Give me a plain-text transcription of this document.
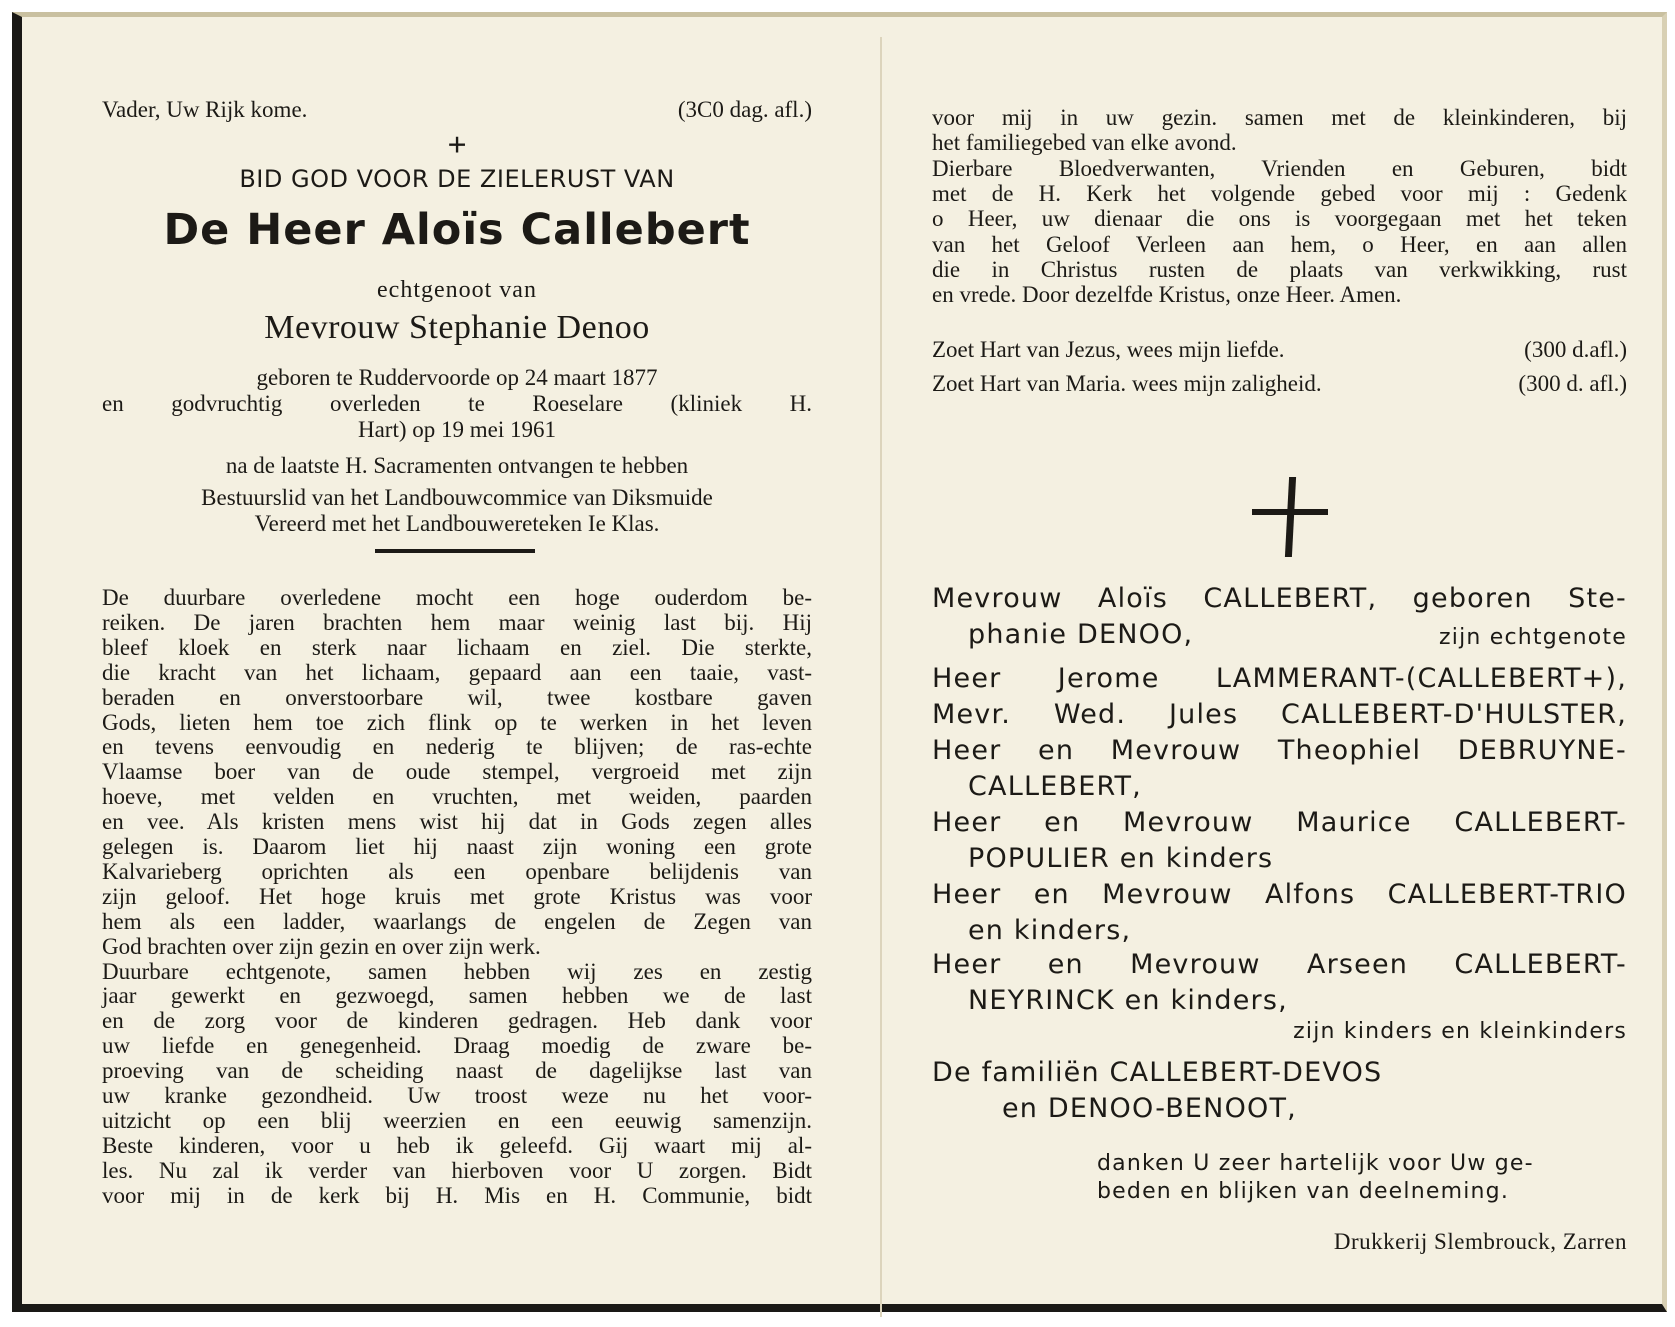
Vader, Uw Rijk kome.	(3C0 dag. afl.)
+
BID GOD VOOR DE ZIELERUST VAN
De Heer Aloïs Callebert
echtgenoot van
Mevrouw Stephanie Denoo
geboren te Ruddervoorde op 24 maart 1877
en godvruchtig overleden te Roeselare (kliniek H.
Hart) op 19 mei 1961
na de laatste H. Sacramenten ontvangen te hebben
Bestuurslid van het Landbouwcommice van Diksmuide
Vereerd met het Landbouwereteken Ie Klas.
De duurbare overledene mocht een hoge ouderdom be-
reiken. De jaren brachten hem maar weinig last bij. Hij
bleef kloek en sterk naar lichaam en ziel. Die sterkte,
die kracht van het lichaam, gepaard aan een taaie, vast-
beraden en onverstoorbare wil, twee kostbare gaven
Gods, lieten hem toe zich flink op te werken in het leven
en tevens eenvoudig en nederig te blijven; de ras-echte
Vlaamse boer van de oude stempel, vergroeid met zijn
hoeve, met velden en vruchten, met weiden, paarden
en vee. Als kristen mens wist hij dat in Gods zegen alles
gelegen is. Daarom liet hij naast zijn woning een grote
Kalvarieberg oprichten als een openbare belijdenis van
zijn geloof. Het hoge kruis met grote Kristus was voor
hem als een ladder, waarlangs de engelen de Zegen van
God brachten over zijn gezin en over zijn werk.
Duurbare echtgenote, samen hebben wij zes en zestig
jaar gewerkt en gezwoegd, samen hebben we de last
en de zorg voor de kinderen gedragen. Heb dank voor
uw liefde en genegenheid. Draag moedig de zware be-
proeving van de scheiding naast de dagelijkse last van
uw kranke gezondheid. Uw troost weze nu het voor-
uitzicht op een blij weerzien en een eeuwig samenzijn.
Beste kinderen, voor u heb ik geleefd. Gij waart mij al-
les. Nu zal ik verder van hierboven voor U zorgen. Bidt
voor mij in de kerk bij H. Mis en H. Communie, bidt
voor mij in uw gezin. samen met de kleinkinderen, bij
het familiegebed van elke avond.
Dierbare Bloedverwanten, Vrienden en Geburen, bidt
met de H. Kerk het volgende gebed voor mij : Gedenk
o Heer, uw dienaar die ons is voorgegaan met het teken
van het Geloof Verleen aan hem, o Heer, en aan allen
die in Christus rusten de plaats van verkwikking, rust
en vrede. Door dezelfde Kristus, onze Heer. Amen.
Zoet Hart van Jezus, wees mijn liefde.	(300 d.afl.)
Zoet Hart van Maria. wees mijn zaligheid.	(300 d. afl.)
Mevrouw Aloïs CALLEBERT, geboren Ste-
phanie DENOO,	zijn echtgenote
Heer Jerome LAMMERANT-(CALLEBERT+),
Mevr. Wed. Jules CALLEBERT-D'HULSTER,
Heer en Mevrouw Theophiel DEBRUYNE-
CALLEBERT,
Heer en Mevrouw Maurice CALLEBERT-
POPULIER en kinders
Heer en Mevrouw Alfons CALLEBERT-TRIO
en kinders,
Heer en Mevrouw Arseen CALLEBERT-
NEYRINCK en kinders,
zijn kinders en kleinkinders
De familiën CALLEBERT-DEVOS
en DENOO-BENOOT,
danken U zeer hartelijk voor Uw ge-
beden en blijken van deelneming.
Drukkerij Slembrouck, Zarren
